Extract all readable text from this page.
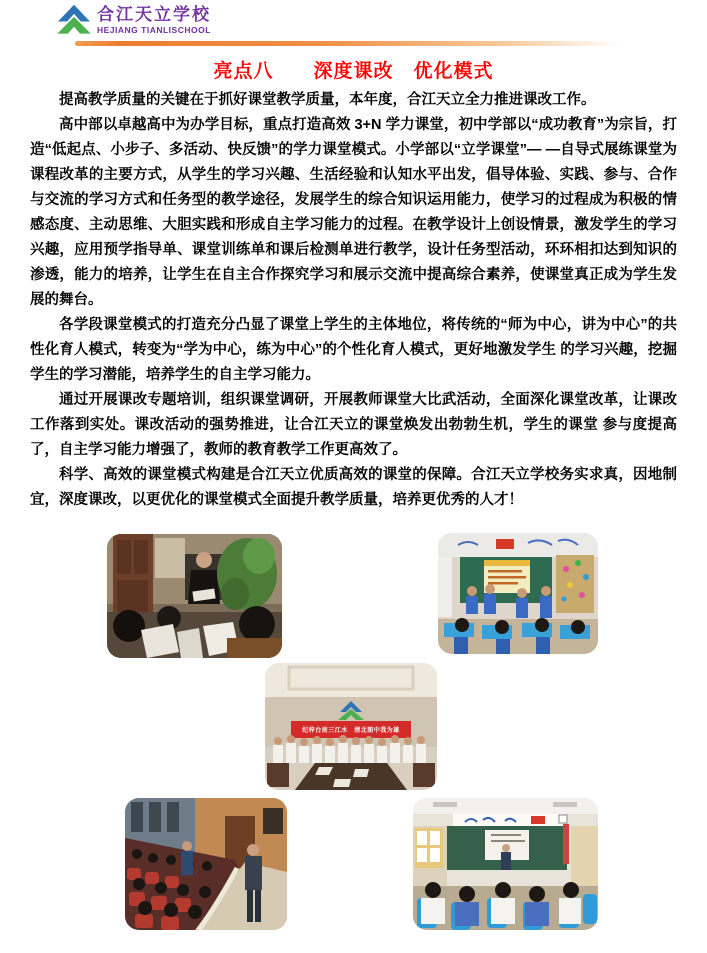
合江天立学校
HEJIANG TIANLISCHOOL
亮点八　　深度课改　优化模式

提高教学质量的关键在于抓好课堂教学质量，本年度，合江天立全力推进课改工作。

高中部以卓越高中为办学目标，重点打造高效 3+N 学力课堂，初中学部以“成功教育”为宗旨，打造“低起点、小步子、多活动、快反馈”的学力课堂模式。小学部以“立学课堂”— —自导式展练课堂为课程改革的主要方式，从学生的学习兴趣、生活经验和认知水平出发，倡导体验、实践、参与、合作与交流的学习方式和任务型的教学途径，发展学生的综合知识运用能力，使学习的过程成为积极的情感态度、主动思维、大胆实践和形成自主学习能力的过程。在教学设计上创设情景，激发学生的学习兴趣，应用预学指导单、课堂训练单和课后检测单进行教学，设计任务型活动，环环相扣达到知识的渗透，能力的培养，让学生在自主合作探究学习和展示交流中提高综合素养，使课堂真正成为学生发展的舞台。

各学段课堂模式的打造充分凸显了课堂上学生的主体地位，将传统的“师为中心，讲为中心”的共性化育人模式，转变为“学为中心，练为中心”的个性化育人模式，更好地激发学生 的学习兴趣，挖掘学生的学习潜能，培养学生的自主学习能力。

通过开展课改专题培训，组织课堂调研，开展教师课堂大比武活动，全面深化课堂改革，让课改工作落到实处。课改活动的强势推进，让合江天立的课堂焕发出勃勃生机，学生的课堂 参与度提高了，自主学习能力增强了，教师的教育教学工作更高效了。

科学、高效的课堂模式构建是合江天立优质高效的课堂的保障。合江天立学校务实求真，因地制宜，深度课改，以更优化的课堂模式全面提升教学质量，培养更优秀的人才！

纪梓台前三江水　清北图中我为雄
